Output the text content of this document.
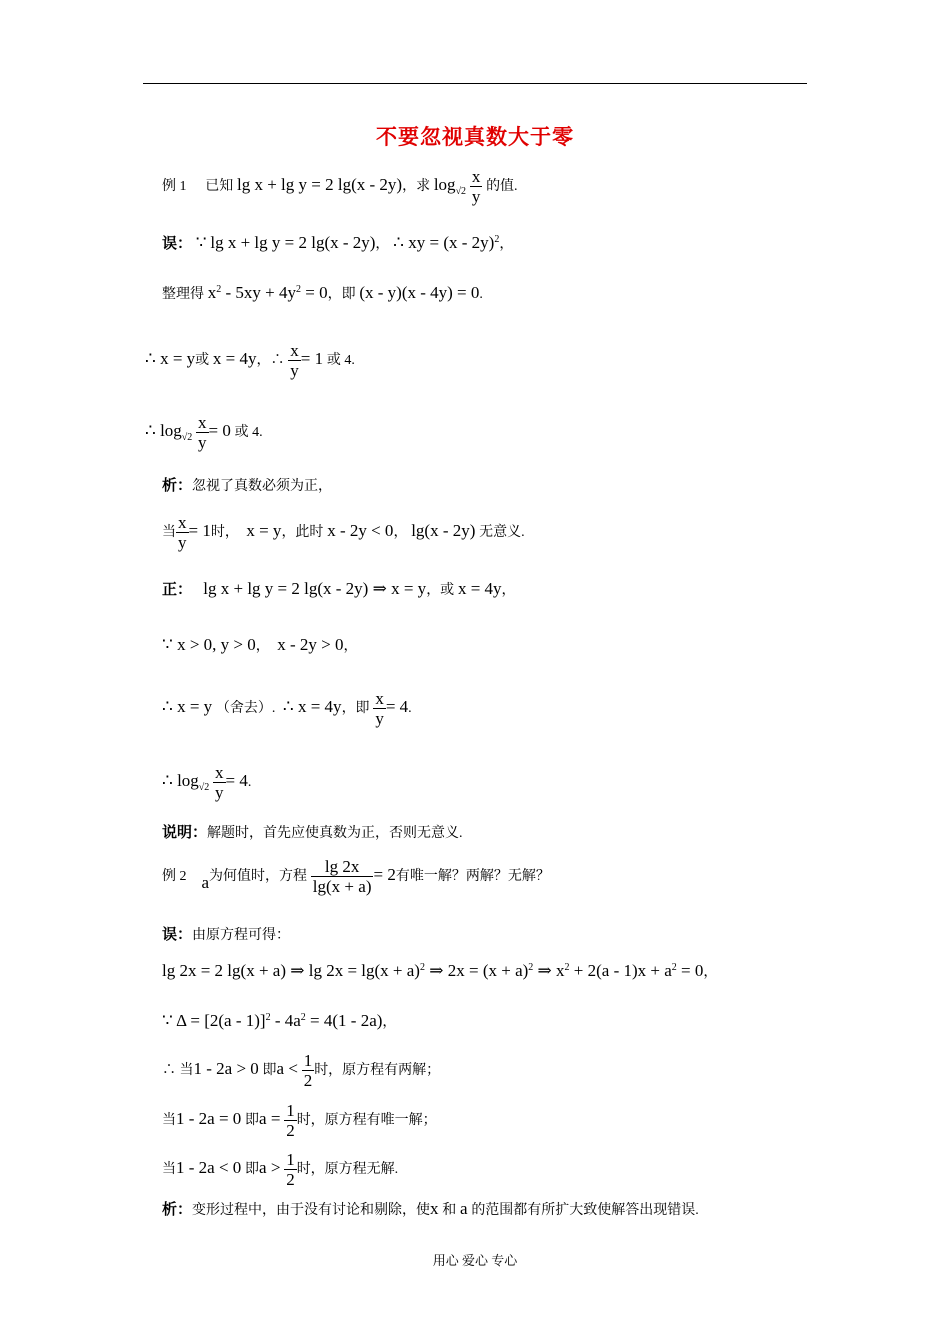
不要忽视真数大于零
例 1 已知 lg x + lg y = 2 lg(x - 2y)，求 $\log_{√2} \frac{x}{y}$ 的值.
误： ∵ lg x + lg y = 2 lg(x - 2y)， ∴ xy = (x - 2y)$^2$，
整理得 $x^2 - 5xy + 4y^2 = 0$，即 (x - y)(x - 4y) = 0.
∴ x = y或 x = 4y，∴ $\frac{x}{y} = 1$ 或 4.
∴ $\log_{√2} \frac{x}{y} = 0$ 或 4.
析：忽视了真数必须为正，
当 $\frac{x}{y} = 1$时， x = y，此时 x - 2y < 0， lg(x - 2y) 无意义.
正： lg x + lg y = 2 lg(x - 2y) ⇒ x = y，或 x = 4y，
∵ x > 0, y > 0， x - 2y > 0，
∴ x = y （舍去）. ∴ x = 4y，即 $\frac{x}{y} = 4$.
∴ $\log_{√2} \frac{x}{y} = 4$.
说明：解题时，首先应使真数为正，否则无意义.
例 2 a为何值时，方程 $\frac{\lg 2x}{\lg(x + a)} = 2$有唯一解？两解？无解？
误：由原方程可得：
lg 2x = 2 lg(x + a) ⇒ $\lg 2x = \lg(x + a)^2$ ⇒ $2x = (x + a)^2$ ⇒ $x^2 + 2(a - 1)x + a^2 = 0$，
∵ $\Delta = [2(a - 1)]^2 - 4a^2 = 4(1 - 2a)$，
∴ 当1 - 2a > 0 即$a < \frac{1}{2}$ 时，原方程有两解；
当1 - 2a = 0 即$a = \frac{1}{2}$ 时，原方程有唯一解；
当1 - 2a < 0 即$a > \frac{1}{2}$ 时，原方程无解.
析：变形过程中，由于没有讨论和剔除，使x 和 a 的范围都有所扩大致使解答出现错误.
用心 爱心 专心
